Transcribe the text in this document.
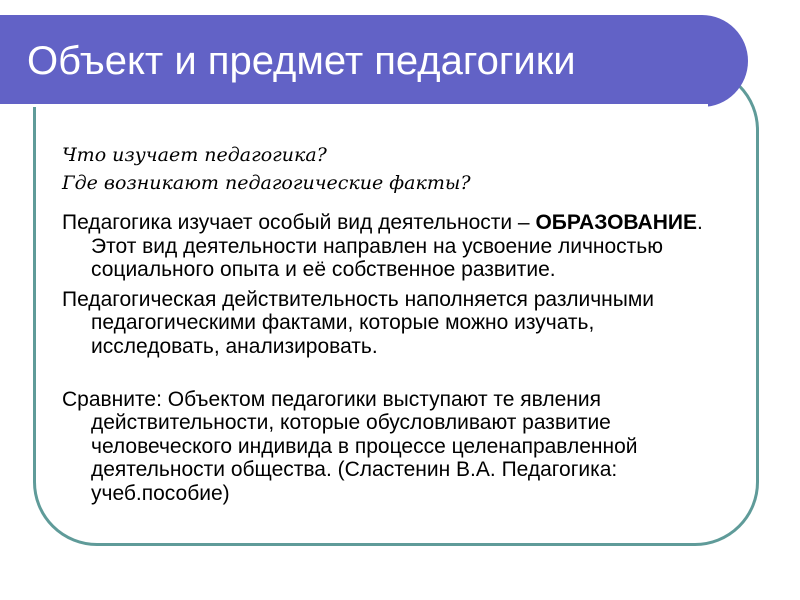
Объект и предмет педагогики

Что изучает педагогика?

Где возникают педагогические факты?

Педагогика изучает особый вид деятельности – ОБРАЗОВАНИЕ.
Этот вид деятельности направлен на усвоение личностью
социального опыта и её собственное развитие.

Педагогическая действительность наполняется различными
педагогическими фактами, которые можно изучать,
исследовать, анализировать.

Сравните: Объектом педагогики выступают те явления
действительности, которые обусловливают развитие
человеческого индивида в процессе целенаправленной
деятельности общества. (Сластенин В.А. Педагогика:
учеб.пособие)
